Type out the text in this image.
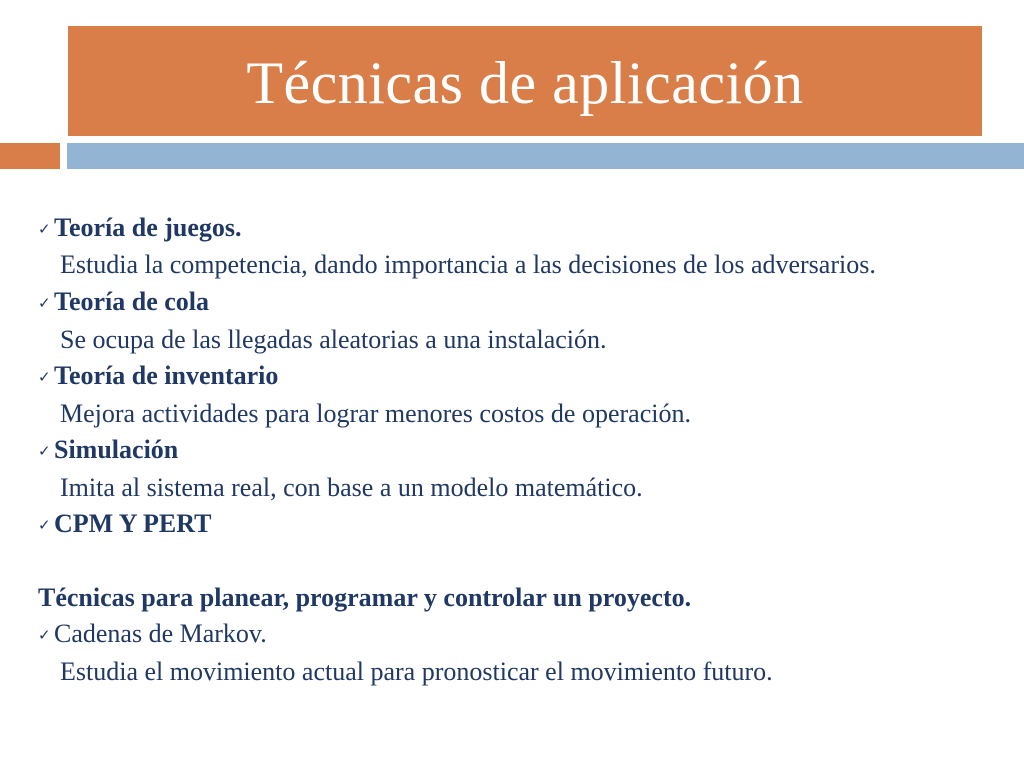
Técnicas de aplicación
✓ Teoría de juegos.
Estudia la competencia, dando importancia a las decisiones de los adversarios.
✓ Teoría de cola
Se ocupa de las llegadas aleatorias a una instalación.
✓ Teoría de inventario
Mejora actividades para lograr menores costos de operación.
✓ Simulación
Imita al sistema real, con base a un modelo matemático.
✓ CPM Y PERT
Técnicas para planear, programar y controlar un proyecto.
✓ Cadenas de Markov.
Estudia el movimiento actual para pronosticar el movimiento futuro.
